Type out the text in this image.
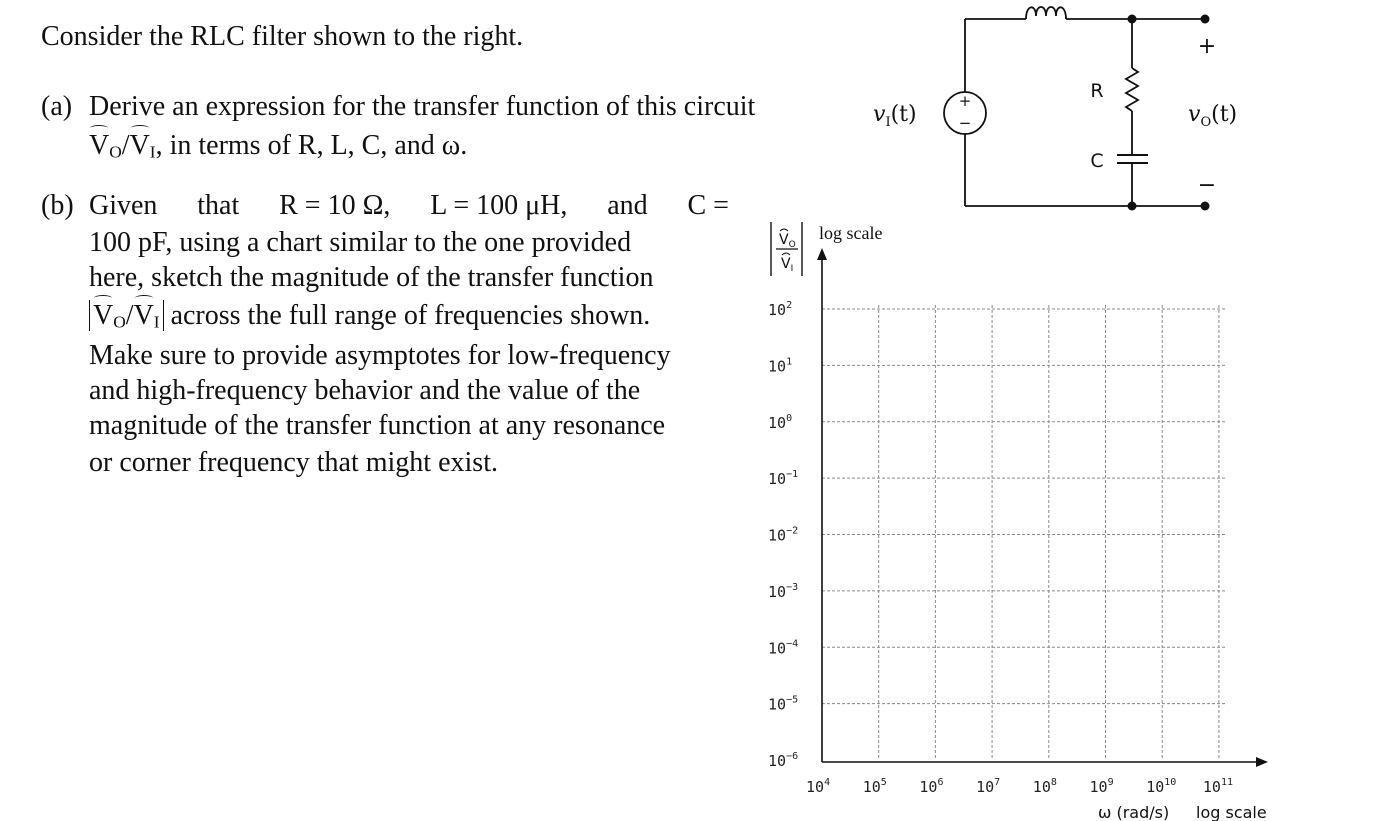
Consider the RLC filter shown to the right.
(a) Derive an expression for the transfer function of this circuit
$V_O/V_I$, in terms of R, L, C, and ω.
(b) Given that R = 10 Ω, L = 100 μH, and C =
100 pF, using a chart similar to the one provided
here, sketch the magnitude of the transfer function
$V_O/V_I$ across the full range of frequencies shown.
Make sure to provide asymptotes for low-frequency
and high-frequency behavior and the value of the
magnitude of the transfer function at any resonance
or corner frequency that might exist.
+
−
R
C
+
−
$v_I(t)$	$v_O(t)$
$10^2$
$10^1$
$10^0$
$10^{-1}$
$10^{-2}$
$10^{-3}$
$10^{-4}$
$10^{-5}$
$10^{-6}$
$10^4$ $10^5$ $10^6$ $10^7$ $10^8$ $10^9$ $10^{10}$ $10^{11}$
$V_O$
$V_I$
log scale
ω (rad/s) log scale
